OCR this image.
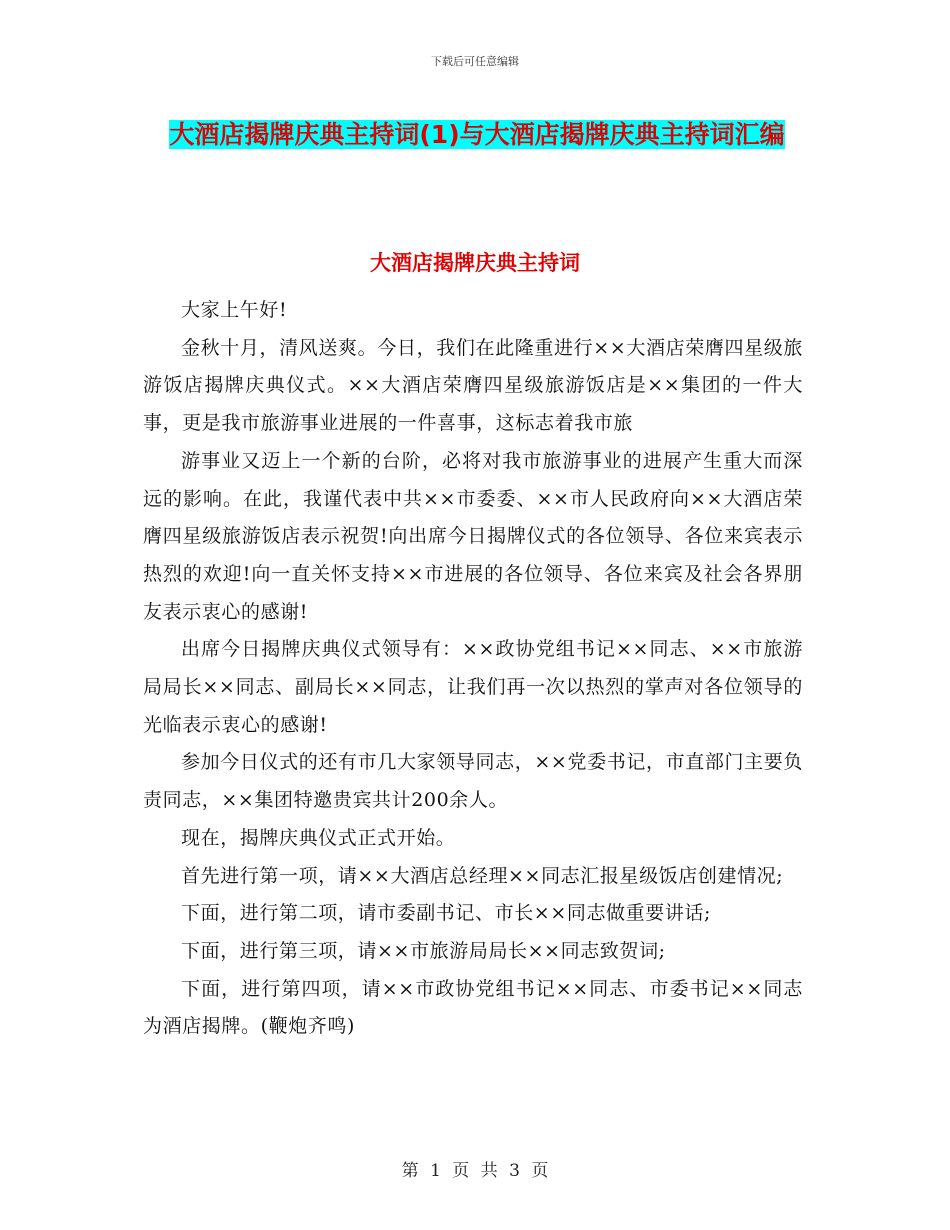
下载后可任意编辑
大酒店揭牌庆典主持词(1)与大酒店揭牌庆典主持词汇编
大酒店揭牌庆典主持词

大家上午好!

金秋十月，清风送爽。今日，我们在此隆重进行××大酒店荣膺四星级旅游饭店揭牌庆典仪式。××大酒店荣膺四星级旅游饭店是××集团的一件大事，更是我市旅游事业进展的一件喜事，这标志着我市旅

游事业又迈上一个新的台阶，必将对我市旅游事业的进展产生重大而深远的影响。在此，我谨代表中共××市委委、××市人民政府向××大酒店荣膺四星级旅游饭店表示祝贺!向出席今日揭牌仪式的各位领导、各位来宾表示热烈的欢迎!向一直关怀支持××市进展的各位领导、各位来宾及社会各界朋友表示衷心的感谢!

出席今日揭牌庆典仪式领导有：××政协党组书记××同志、××市旅游局局长××同志、副局长××同志，让我们再一次以热烈的掌声对各位领导的光临表示衷心的感谢!

参加今日仪式的还有市几大家领导同志，××党委书记，市直部门主要负责同志，××集团特邀贵宾共计200余人。

现在，揭牌庆典仪式正式开始。

首先进行第一项，请××大酒店总经理××同志汇报星级饭店创建情况;

下面，进行第二项，请市委副书记、市长××同志做重要讲话;

下面，进行第三项，请××市旅游局局长××同志致贺词;

下面，进行第四项，请××市政协党组书记××同志、市委书记××同志为酒店揭牌。(鞭炮齐鸣)

第 1 页 共 3 页
